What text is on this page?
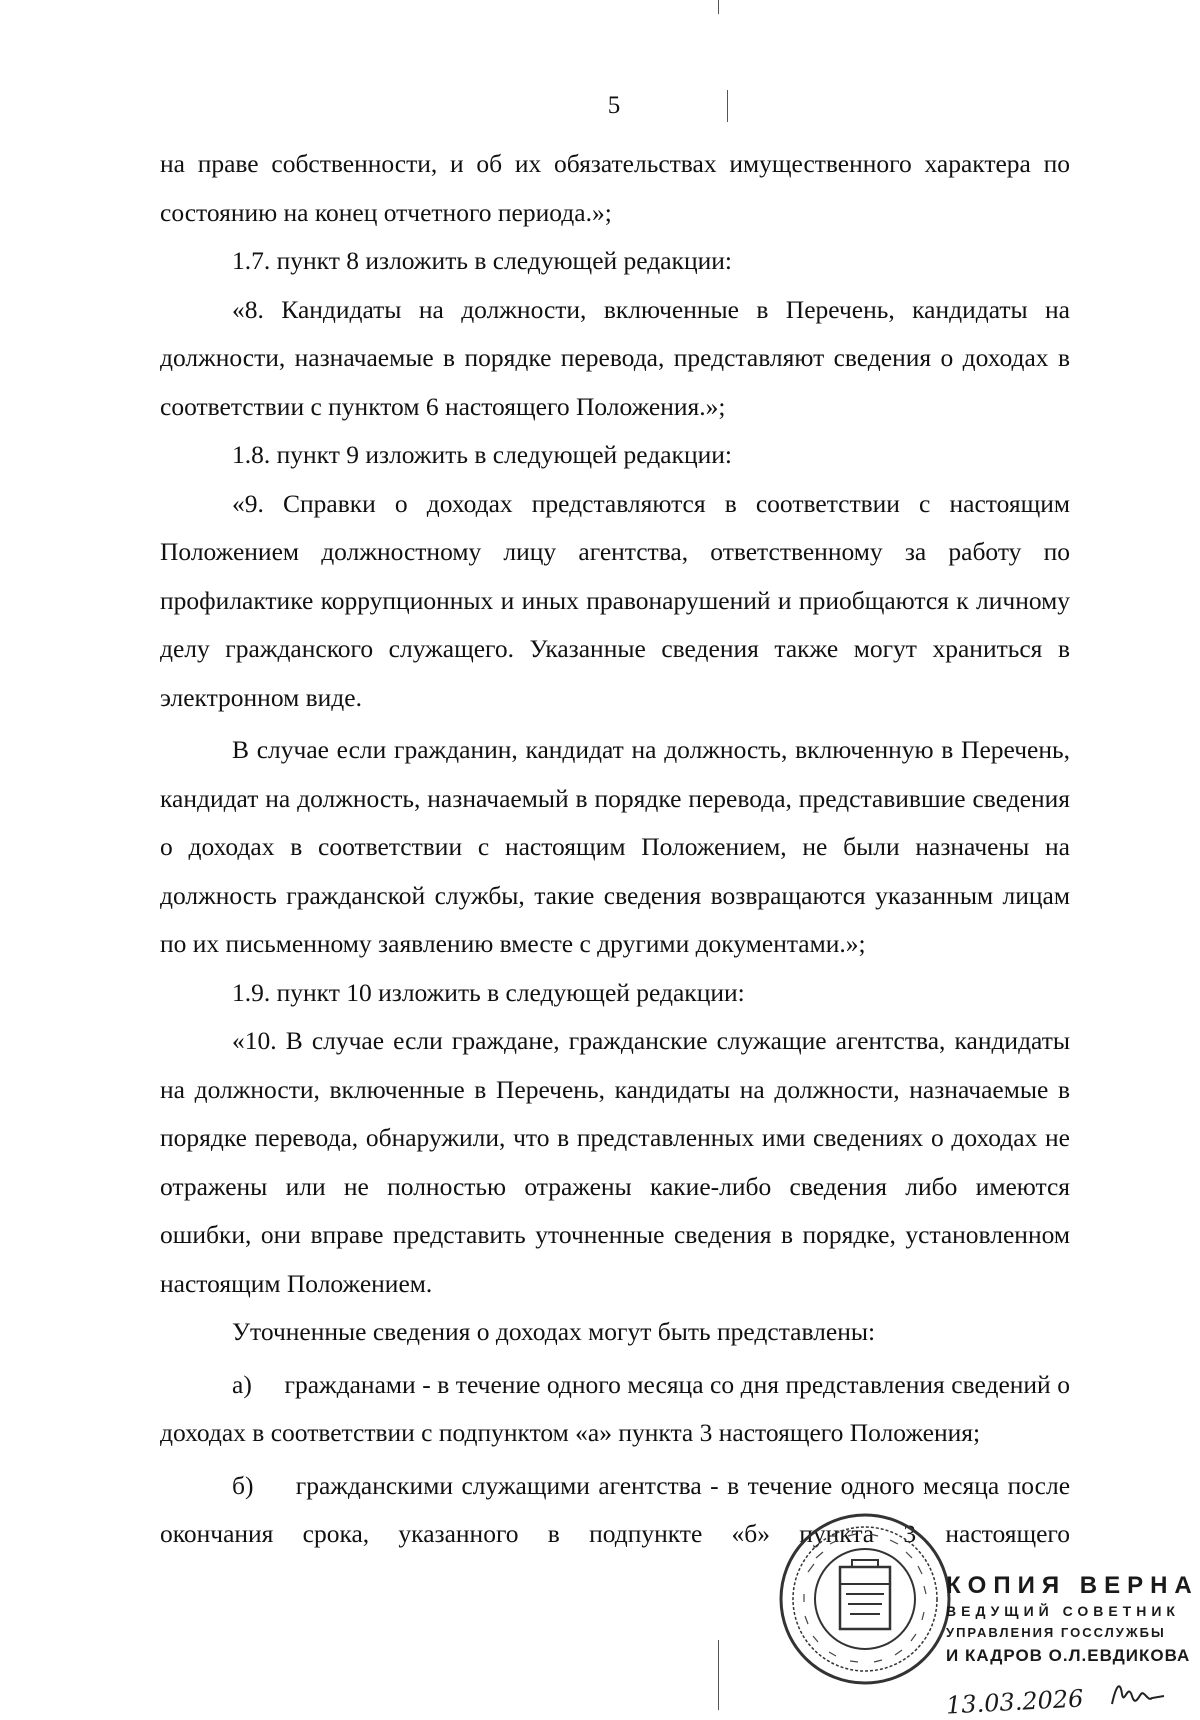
5

на праве собственности, и об их обязательствах имущественного характера по состоянию на конец отчетного периода.»;

1.7. пункт 8 изложить в следующей редакции:

«8. Кандидаты на должности, включенные в Перечень, кандидаты на должности, назначаемые в порядке перевода, представляют сведения о доходах в соответствии с пунктом 6 настоящего Положения.»;

1.8. пункт 9 изложить в следующей редакции:

«9. Справки о доходах представляются в соответствии с настоящим Положением должностному лицу агентства, ответственному за работу по профилактике коррупционных и иных правонарушений и приобщаются к личному делу гражданского служащего. Указанные сведения также могут храниться в электронном виде.

В случае если гражданин, кандидат на должность, включенную в Перечень, кандидат на должность, назначаемый в порядке перевода, представившие сведения о доходах в соответствии с настоящим Положением, не были назначены на должность гражданской службы, такие сведения возвращаются указанным лицам по их письменному заявлению вместе с другими документами.»;

1.9. пункт 10 изложить в следующей редакции:

«10. В случае если граждане, гражданские служащие агентства, кандидаты на должности, включенные в Перечень, кандидаты на должности, назначаемые в порядке перевода, обнаружили, что в представленных ими сведениях о доходах не отражены или не полностью отражены какие-либо сведения либо имеются ошибки, они вправе представить уточненные сведения в порядке, установленном настоящим Положением.

Уточненные сведения о доходах могут быть представлены:

а) гражданами - в течение одного месяца со дня представления сведений о доходах в соответствии с подпунктом «а» пункта 3 настоящего Положения;

б) гражданскими служащими агентства - в течение одного месяца после окончания срока, указанного в подпункте «б» пункта 3 настоящего

КОПИЯ ВЕРНА
ВЕДУЩИЙ СОВЕТНИК
УПРАВЛЕНИЯ ГОССЛУЖБЫ
И КАДРОВ О.Л.ЕВДИКОВА
13.03.2026
